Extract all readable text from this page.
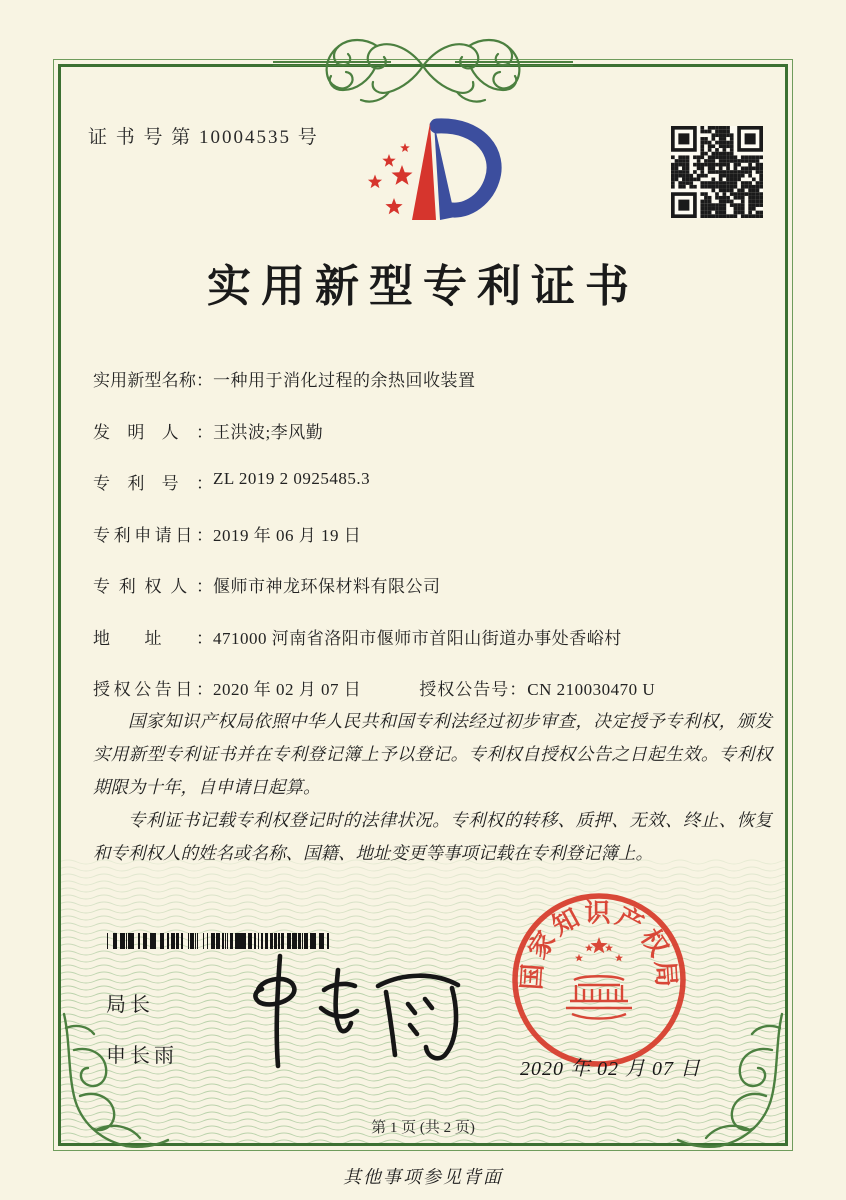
证 书 号 第 10004535 号
实用新型专利证书
实用新型名称：一种用于消化过程的余热回收装置
发明人：王洪波;李风勤
专利号：ZL 2019 2 0925485.3
专利申请日：2019 年 06 月 19 日
专利权人：偃师市神龙环保材料有限公司
地址：471000 河南省洛阳市偃师市首阳山街道办事处香峪村
授权公告日：2020 年 02 月 07 日	授权公告号：CN 210030470 U

国家知识产权局依照中华人民共和国专利法经过初步审查，决定授予专利权，颁发实用新型专利证书并在专利登记簿上予以登记。专利权自授权公告之日起生效。专利权期限为十年，自申请日起算。

专利证书记载专利权登记时的法律状况。专利权的转移、质押、无效、终止、恢复和专利权人的姓名或名称、国籍、地址变更等事项记载在专利登记簿上。

局长
申长雨
国家知识产权局
2020 年 02 月 07 日
第 1 页 (共 2 页)
其他事项参见背面
